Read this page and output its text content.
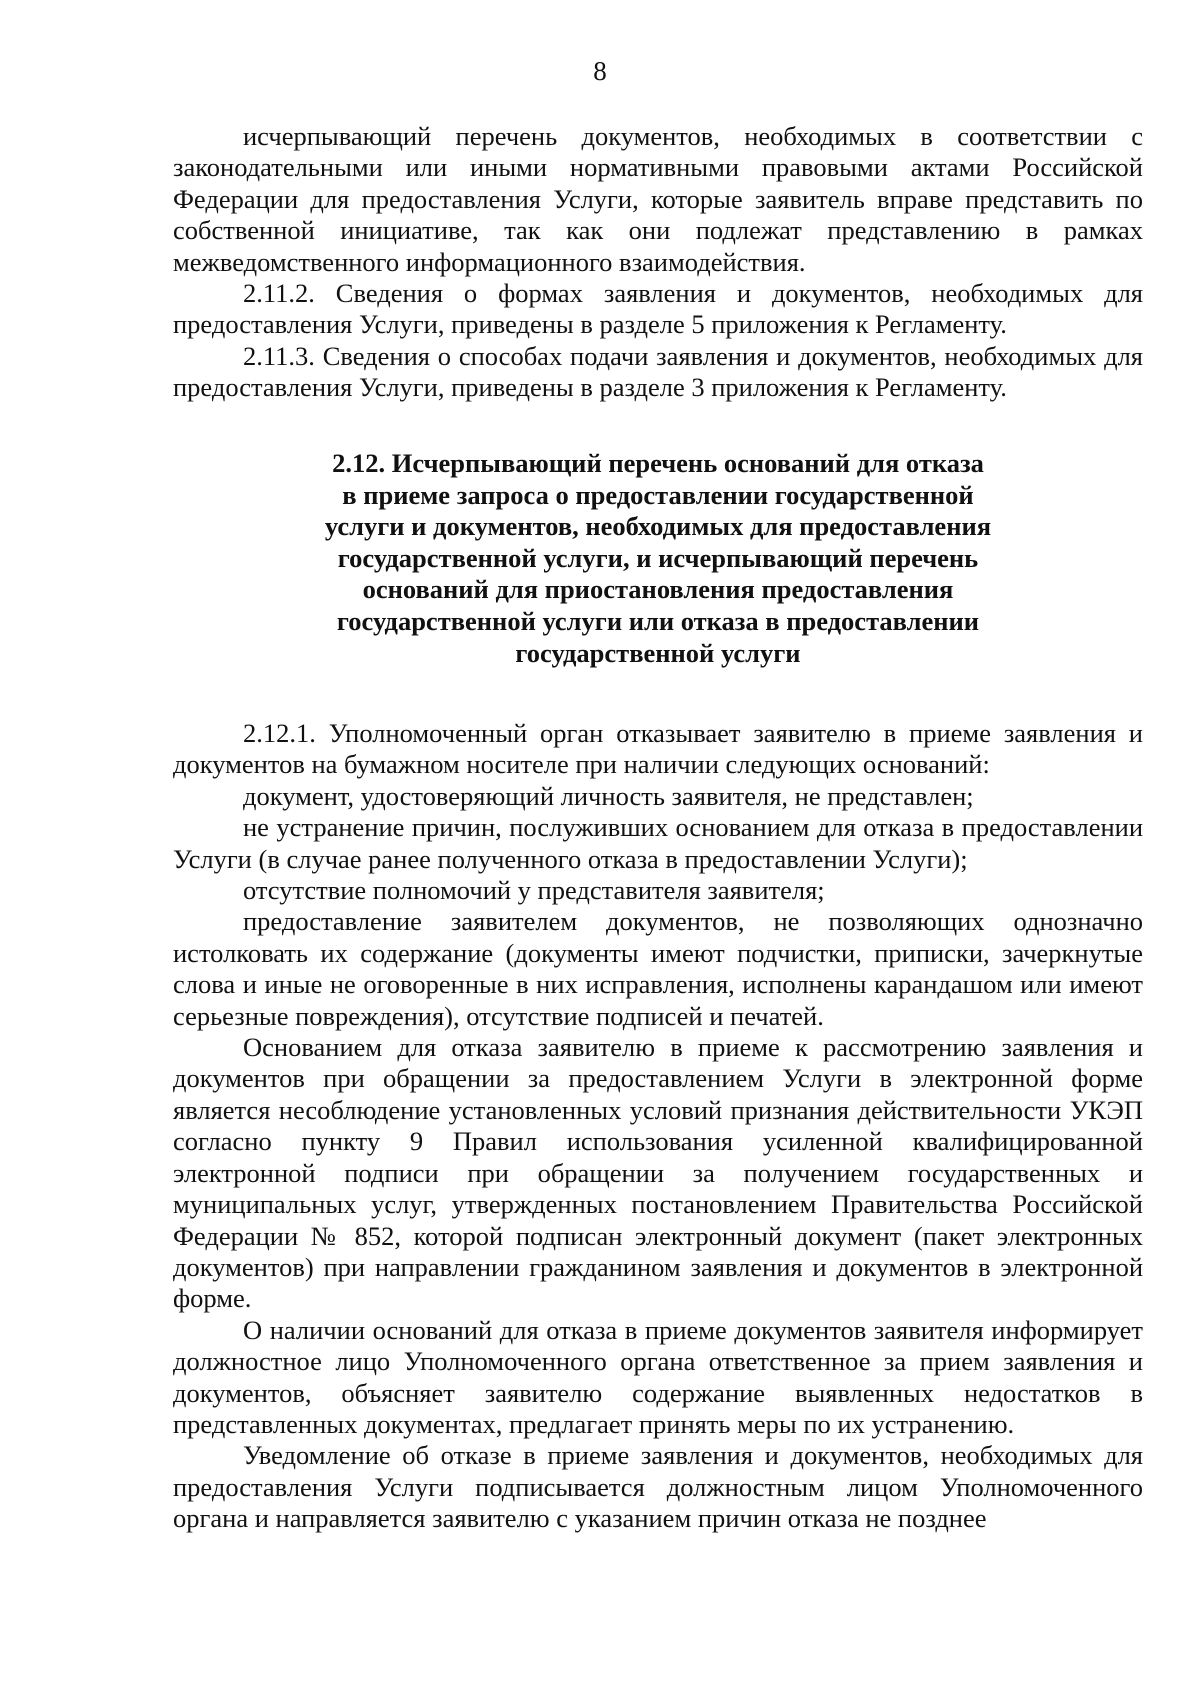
8

исчерпывающий перечень документов, необходимых в соответствии с законодательными или иными нормативными правовыми актами Российской Федерации для предоставления Услуги, которые заявитель вправе представить по собственной инициативе, так как они подлежат представлению в рамках межведомственного информационного взаимодействия.

2.11.2. Сведения о формах заявления и документов, необходимых для предоставления Услуги, приведены в разделе 5 приложения к Регламенту.

2.11.3. Сведения о способах подачи заявления и документов, необходимых для предоставления Услуги, приведены в разделе 3 приложения к Регламенту.

2.12. Исчерпывающий перечень оснований для отказа

в приеме запроса о предоставлении государственной

услуги и документов, необходимых для предоставления

государственной услуги, и исчерпывающий перечень

оснований для приостановления предоставления

государственной услуги или отказа в предоставлении

государственной услуги

2.12.1. Уполномоченный орган отказывает заявителю в приеме заявления и документов на бумажном носителе при наличии следующих оснований:

документ, удостоверяющий личность заявителя, не представлен;

не устранение причин, послуживших основанием для отказа в предоставлении Услуги (в случае ранее полученного отказа в предоставлении Услуги);

отсутствие полномочий у представителя заявителя;

предоставление заявителем документов, не позволяющих однозначно истолковать их содержание (документы имеют подчистки, приписки, зачеркнутые слова и иные не оговоренные в них исправления, исполнены карандашом или имеют серьезные повреждения), отсутствие подписей и печатей.

Основанием для отказа заявителю в приеме к рассмотрению заявления и документов при обращении за предоставлением Услуги в электронной форме является несоблюдение установленных условий признания действительности УКЭП согласно пункту 9 Правил использования усиленной квалифицированной электронной подписи при обращении за получением государственных и муниципальных услуг, утвержденных постановлением Правительства Российской Федерации № 852, которой подписан электронный документ (пакет электронных документов) при направлении гражданином заявления и документов в электронной форме.

О наличии оснований для отказа в приеме документов заявителя информирует должностное лицо Уполномоченного органа ответственное за прием заявления и документов, объясняет заявителю содержание выявленных недостатков в представленных документах, предлагает принять меры по их устранению.

Уведомление об отказе в приеме заявления и документов, необходимых для предоставления Услуги подписывается должностным лицом Уполномоченного органа и направляется заявителю с указанием причин отказа не позднее
